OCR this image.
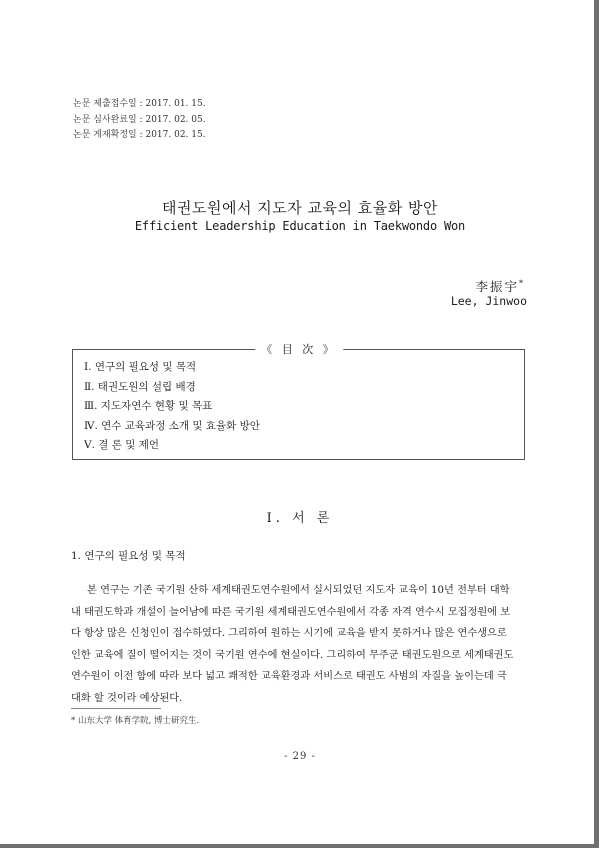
논문 제출접수일 : 2017. 01. 15.
논문 심사완료일 : 2017. 02. 05.
논문 게재확정일 : 2017. 02. 15.
태권도원에서 지도자 교육의 효율화 방안
Efficient Leadership Education in Taekwondo Won
李振宇*
Lee, Jinwoo
《 目 次 》
Ⅰ. 연구의 필요성 및 목적
Ⅱ. 태권도원의 설립 배경
Ⅲ. 지도자연수 현황 및 목표
Ⅳ. 연수 교육과정 소개 및 효율화 방안
Ⅴ. 결 론 및 제언
Ⅰ. 서 론
1. 연구의 필요성 및 목적
본 연구는 기존 국기원 산하 세계태권도연수원에서 실시되었던 지도자 교육이 10년 전부터 대학
내 태권도학과 개설이 늘어남에 따른 국기원 세계태권도연수원에서 각종 자격 연수시 모집정원에 보
다 항상 많은 신청인이 접수하였다. 그리하여 원하는 시기에 교육을 받지 못하거나 많은 연수생으로
인한 교육에 질이 떨어지는 것이 국기원 연수에 현실이다. 그리하여 무주군 태권도원으로 세계태권도
연수원이 이전 함에 따라 보다 넓고 쾌적한 교육환경과 서비스로 태권도 사범의 자질을 높이는데 극
대화 할 것이라 예상된다.
* 山东大学 体育学院, 博士研究生.
- 29 -
